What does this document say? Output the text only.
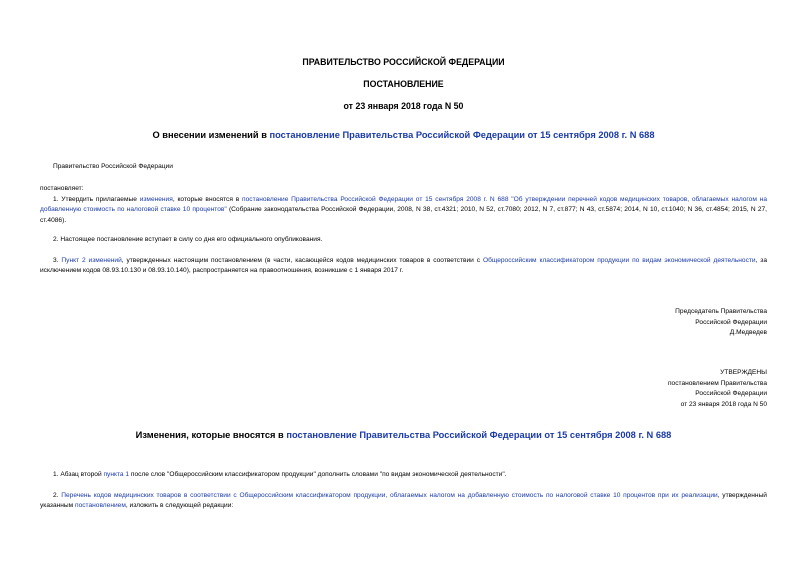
ПРАВИТЕЛЬСТВО РОССИЙСКОЙ ФЕДЕРАЦИИ
ПОСТАНОВЛЕНИЕ
от 23 января 2018 года N 50
О внесении изменений в постановление Правительства Российской Федерации от 15 сентября 2008 г. N 688
Правительство Российской Федерации
постановляет:
1. Утвердить прилагаемые изменения, которые вносятся в постановление Правительства Российской Федерации от 15 сентября 2008 г. N 688 "Об утверждении перечней кодов медицинских товаров, облагаемых налогом на добавленную стоимость по налоговой ставке 10 процентов" (Собрание законодательства Российской Федерации, 2008, N 38, ст.4321; 2010, N 52, ст.7080; 2012, N 7, ст.877; N 43, ст.5874; 2014, N 10, ст.1040; N 36, ст.4854; 2015, N 27, ст.4086).
2. Настоящее постановление вступает в силу со дня его официального опубликования.
3. Пункт 2 изменений, утвержденных настоящим постановлением (в части, касающейся кодов медицинских товаров в соответствии с Общероссийским классификатором продукции по видам экономической деятельности, за исключением кодов 08.93.10.130 и 08.93.10.140), распространяется на правоотношения, возникшие с 1 января 2017 г.
Председатель Правительства
Российской Федерации
Д.Медведев
УТВЕРЖДЕНЫ
постановлением Правительства
Российской Федерации
от 23 января 2018 года N 50
Изменения, которые вносятся в постановление Правительства Российской Федерации от 15 сентября 2008 г. N 688
1. Абзац второй пункта 1 после слов "Общероссийским классификатором продукции" дополнить словами "по видам экономической деятельности".
2. Перечень кодов медицинских товаров в соответствии с Общероссийским классификатором продукции, облагаемых налогом на добавленную стоимость по налоговой ставке 10 процентов при их реализации, утвержденный указанным постановлением, изложить в следующей редакции:
